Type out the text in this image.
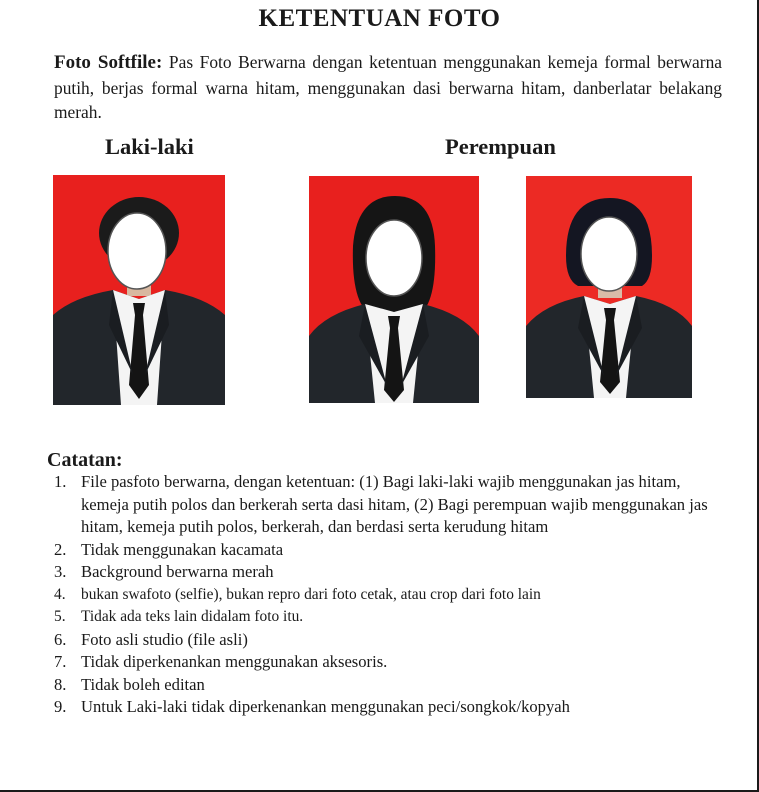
KETENTUAN FOTO
Foto Softfile: Pas Foto Berwarna dengan ketentuan menggunakan kemeja formal berwarna putih, berjas formal warna hitam, menggunakan dasi berwarna hitam, danberlatar belakang merah.
Laki-laki	Perempuan
Catatan:
1. File pasfoto berwarna, dengan ketentuan: (1) Bagi laki-laki wajib menggunakan jas hitam, kemeja putih polos dan berkerah serta dasi hitam, (2) Bagi perempuan wajib menggunakan jas hitam, kemeja putih polos, berkerah, dan berdasi serta kerudung hitam
2. Tidak menggunakan kacamata
3. Background berwarna merah
4.	bukan swafoto (selfie), bukan repro dari foto cetak, atau crop dari foto lain
5.	Tidak ada teks lain didalam foto itu.
6. Foto asli studio (file asli)
7. Tidak diperkenankan menggunakan aksesoris.
8. Tidak boleh editan
9. Untuk Laki-laki tidak diperkenankan menggunakan peci/songkok/kopyah
